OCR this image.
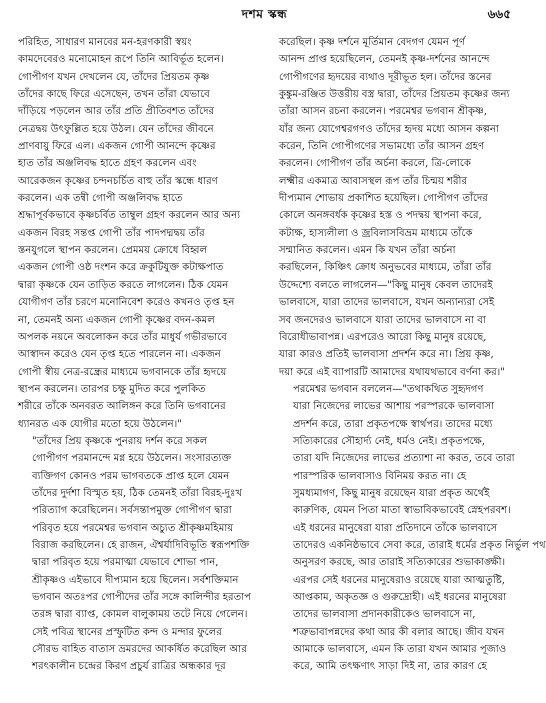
দশম স্কন্ধ	৬৬৫

পরিহিত, সাধারণ মানবের মন-হরণকারী স্বয়ং
কামদেবেরও মনোমোহন রূপে তিনি আবির্ভূত হলেন।
গোপীগণ যখন দেখলেন যে, তাঁদের প্রিয়তম কৃষ্ণ
তাঁদের কাছে ফিরে এসেছেন, তখন তাঁরা যেভাবে
দাঁড়িয়ে পড়লেন আর তাঁর প্রতি প্রীতিবশত তাঁদের
নেত্রদ্বয় উৎফুল্লিত হয়ে উঠল। যেন তাঁদের জীবনে
প্রাণবায়ু ফিরে এল। একজন গোপী আনন্দে কৃষ্ণের
হাত তাঁর অঞ্জলিবদ্ধ হাতে গ্রহণ করলেন এবং
আরেকজন কৃষ্ণের চন্দনচর্চিত বাহু তাঁর স্কন্ধে ধারণ
করলেন। এক তন্বী গোপী অঞ্জলিবদ্ধ হাতে
শ্রদ্ধাপূর্বকভাবে কৃষ্ণচর্বিত তাম্বুল গ্রহণ করলেন আর অন্য
একজন বিরহ সন্তপ্ত গোপী তাঁর পাদপদ্মদ্বয় তাঁর
স্তনযুগলে স্থাপন করলেন। প্রেমময় ক্রোধে বিহ্বল
একজন গোপী ওষ্ঠ দংশন করে ক্রকুটিযুক্ত কটাক্ষপাত
দ্বারা কৃষ্ণকে যেন তাড়িত করতে লাগলেন। ঠিক যেমন
যোগীগণ তাঁর চরণে মনোনিবেশ করেও কখনও তৃপ্ত হন
না, তেমনই অন্য একজন গোপী কৃষ্ণের বদন-কমল
অপলক নয়নে অবলোকন করে তাঁর মাধুর্য গভীরভাবে
আস্বাদন করেও যেন তৃপ্ত হতে পারলেন না। একজন
গোপী স্বীয় নেত্র-রন্ধ্রের মাধ্যমে ভগবানকে তাঁর হৃদয়ে
স্থাপন করলেন। তারপর চক্ষু মুদিত করে পুলকিত
শরীরে তাঁকে অনবরত আলিঙ্গন করে তিনি ভগবানের
ধ্যানরত এক যোগীর মতো হয়ে উঠলেন।"

"তাঁদের প্রিয় কৃষ্ণকে পুনরায় দর্শন করে সকল
গোপীগণ পরমানন্দে মগ্ন হয়ে উঠলেন। সংসারত্যক্ত
ব্যক্তিগণ কোনও পরম ভাগবতকে প্রাপ্ত হলে যেমন
তাঁদের দুর্দশা বিস্মৃত হয়, ঠিক তেমনই তাঁরা বিরহ-দুঃখ
পরিত্যাগ করেছিলেন। সর্বসন্তাপমুক্ত গোপীগণ দ্বারা
পরিবৃত হয়ে পরমেশ্বর ভগবান অচ্যুত শ্রীকৃষ্ণমহিমায়
বিরাজ করছিলেন। হে রাজন, ঐশ্বর্যাদিবিভূতি স্বরূপশক্তি
দ্বারা পরিবৃত হয়ে পরমাত্মা যেভাবে শোভা পান,
শ্রীকৃষ্ণও এইভাবে দীপ্যমান হয়ে ছিলেন। সর্বশক্তিমান
ভগবান অতঃপর গোপীদের তাঁর সঙ্গে কালিন্দীর হরতাপ
তরঙ্গ দ্বারা ব্যাপ্ত, কোমল বালুকাময় তটে নিয়ে গেলেন।
সেই পবিত্র স্থানের প্রস্ফুটিত কন্দ ও মন্দার ফুলের
সৌরভ বাহিত বাতাস ভ্রমরদের আকর্ষিত করেছিল আর
শরৎকালীন চন্দ্রের কিরণ প্রচুর্য রাত্রির অন্ধকার দূর

করেছিল। কৃষ্ণ দর্শনে মূর্তিমান বেদগণ যেমন পূর্ণ
আনন্দ প্রাপ্ত হয়েছিলেন, তেমনই কৃষ্ণ-দর্শনের আনন্দে
গোপীগণের হৃদয়ের ব্যথাও দূরীভূত হল। তাঁদের স্তনের
কুঙ্কুম-রঞ্জিত উত্তরীয় বস্ত্র দ্বারা, তাঁদের প্রিয়তম কৃষ্ণের জন্য
তাঁরা আসন রচনা করলেন। পরমেশ্বর ভগবান শ্রীকৃষ্ণ,
যাঁর জন্য যোগেশ্বরগণও তাঁদের হৃদয় মধ্যে আসন কল্পনা
করেন, তিনি গোপীগণের সভামধ্যে তাঁর আসন গ্রহণ
করলেন। গোপীগণ তাঁর অর্চনা করলে, ত্রি-লোকে
লক্ষ্মীর একমাত্র আবাসস্থল রূপ তাঁর চিন্ময় শরীর
দীপ্যমান শোভায় প্রকাশিত হয়েছিল। গোপীগণ তাঁদের
কোলে অনঙ্গবর্ধক কৃষ্ণের হস্ত ও পদদ্বয় স্থাপনা করে,
কটাক্ষ, হাস্যলীলা ও জ্রবিলাসবিভ্রম মাধ্যমে তাঁকে
সম্মানিত করলেন। এমন কি যখন তাঁরা অর্চনা
করছিলেন, কিঞ্চিৎ ক্রোধ অনুভবের মাধ্যমে, তাঁরা তাঁর
উদ্দেশ্যে বলতে লাগলেন—"কিছু মানুষ কেবল তাদেরই
ভালবাসে, যারা তাদের ভালবাসে, যখন অন্যান্যরা সেই
সব জনদেরও ভালবাসে যারা তাদের ভালবাসে না বা
বিরোধীভাবাপন্ন। এরপরেও আরো কিছু মানুষ রয়েছে,
যারা কারও প্রতিই ভালবাসা প্রদর্শন করে না। প্রিয় কৃষ্ণ,
দয়া করে এই ব্যাপারটি আমাদের যথাযথভাবে বর্ণনা কর।"

পরমেশ্বর ভগবান বললেন—"তথাকথিত সুহৃদগণ
যারা নিজেদের লাভের আশায় পরস্পরকে ভালবাসা
প্রদর্শন করে, তারা প্রকৃতপক্ষে স্বার্থপর। তাদের মধ্যে
সত্যিকারের সৌহার্দ্য নেই, ধর্মও নেই। প্রকৃতপক্ষে,
তারা যদি নিজেদের লাভের প্রত্যাশা না করত, তবে তারা
পারস্পরিক ভালবাসাও বিনিময় করত না। হে
সুমধ্যমাগণ, কিছু মানুষ রয়েছেন যারা প্রকৃত অর্থেই
কারুণিক, যেমন পিতা মাতা স্বাভাবিকভাবেই স্নেহপরবশ।
এই ধরনের মানুষেরা যারা প্রতিদানে তাঁকে ভালবাসে
তাদেরও একনিষ্ঠভাবে সেবা করে, তারাই ধর্মের প্রকৃত নির্ভুল পথ
অনুসরণ করছে, আর তারাই সত্যিকারের শুভাকাঙ্ক্ষী।
এরপর সেই ধরনের মানুষেরাও রয়েছে যারা আত্মতুষ্টি,
আপ্তকাম, অকৃতজ্ঞ ও গুরুদ্রোহী। এই ধরনের মানুষেরা
তাদের ভালবাসা প্রদানকারীকেও ভালবাসে না,
শত্রুভাবাপন্নদের কথা আর কী বলার আছে। জীব যখন
আমাকে ভালবাসে, এমন কি তারা যখন আমার পূজাও
করে, আমি তৎক্ষণাৎ সাড়া দিই না, তার কারণ হে
